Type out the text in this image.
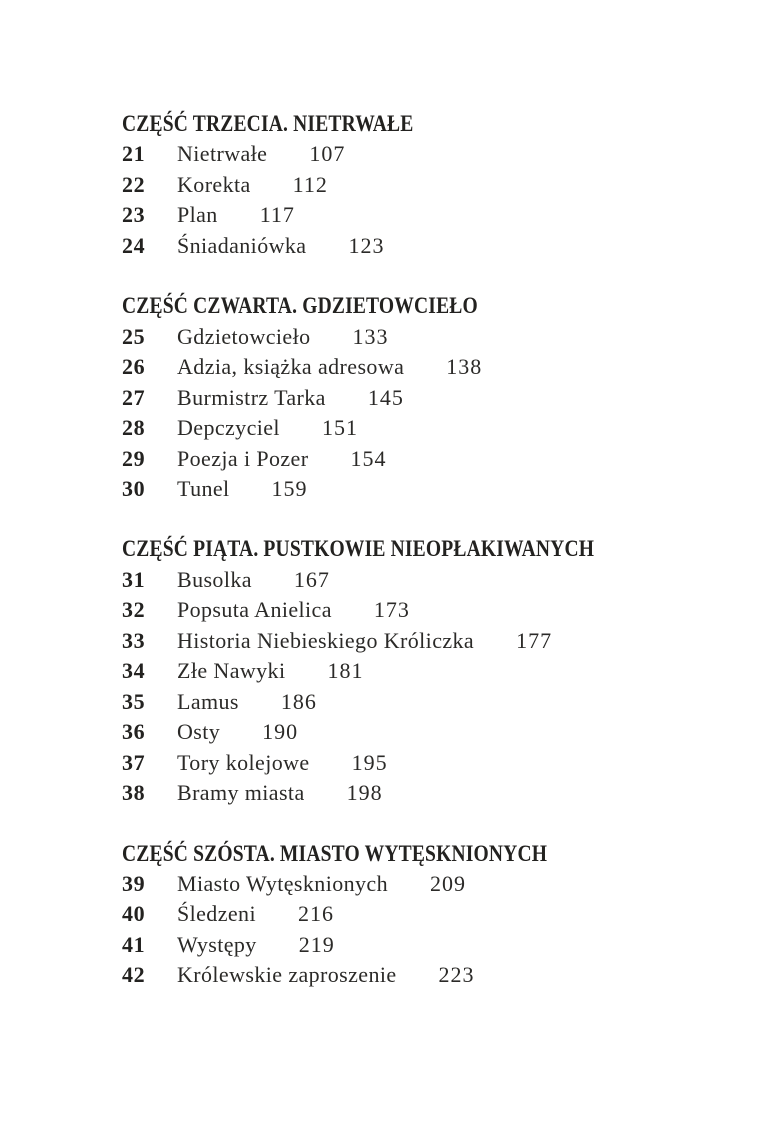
CZĘŚĆ TRZECIA. NIETRWAŁE
21	Nietrwałe 107
22	Korekta 112
23	Plan 117
24	Śniadaniówka 123
CZĘŚĆ CZWARTA. GDZIETOWCIEŁO
25	Gdzietowcieło 133
26	Adzia, książka adresowa 138
27	Burmistrz Tarka 145
28	Depczyciel 151
29	Poezja i Pozer 154
30	Tunel 159
CZĘŚĆ PIĄTA. PUSTKOWIE NIEOPŁAKIWANYCH
31	Busolka 167
32	Popsuta Anielica 173
33	Historia Niebieskiego Króliczka 177
34	Złe Nawyki 181
35	Lamus 186
36	Osty 190
37	Tory kolejowe 195
38	Bramy miasta 198
CZĘŚĆ SZÓSTA. MIASTO WYTĘSKNIONYCH
39	Miasto Wytęsknionych 209
40	Śledzeni 216
41	Występy 219
42	Królewskie zaproszenie 223
